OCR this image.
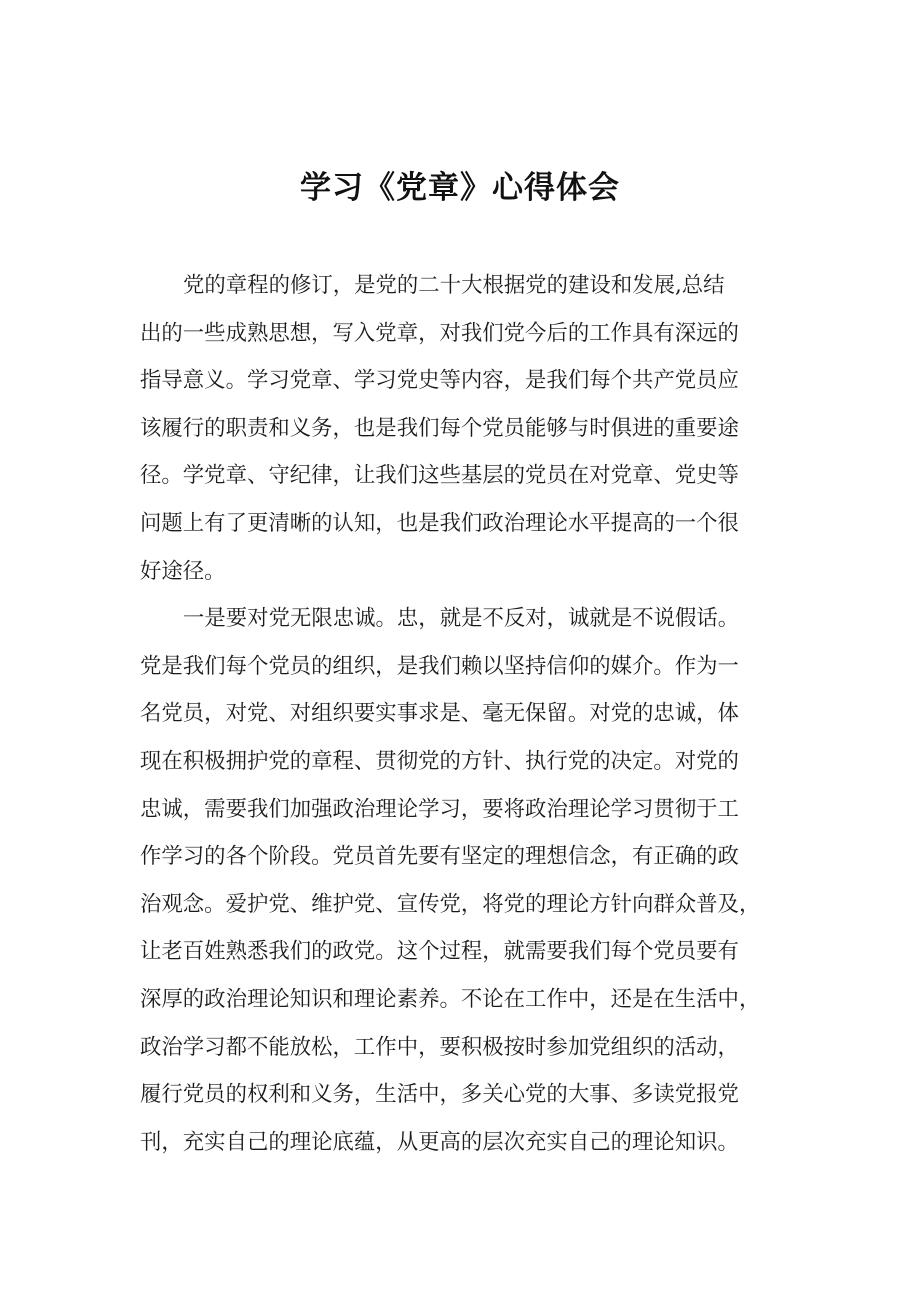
学习《党章》心得体会
党的章程的修订，是党的二十大根据党的建设和发展,总结
出的一些成熟思想，写入党章，对我们党今后的工作具有深远的
指导意义。学习党章、学习党史等内容，是我们每个共产党员应
该履行的职责和义务，也是我们每个党员能够与时俱进的重要途
径。学党章、守纪律，让我们这些基层的党员在对党章、党史等
问题上有了更清晰的认知，也是我们政治理论水平提高的一个很
好途径。
一是要对党无限忠诚。忠，就是不反对，诚就是不说假话。
党是我们每个党员的组织，是我们赖以坚持信仰的媒介。作为一
名党员，对党、对组织要实事求是、毫无保留。对党的忠诚，体
现在积极拥护党的章程、贯彻党的方针、执行党的决定。对党的
忠诚，需要我们加强政治理论学习，要将政治理论学习贯彻于工
作学习的各个阶段。党员首先要有坚定的理想信念，有正确的政
治观念。爱护党、维护党、宣传党，将党的理论方针向群众普及，
让老百姓熟悉我们的政党。这个过程，就需要我们每个党员要有
深厚的政治理论知识和理论素养。不论在工作中，还是在生活中，
政治学习都不能放松，工作中，要积极按时参加党组织的活动，
履行党员的权利和义务，生活中，多关心党的大事、多读党报党
刊，充实自己的理论底蕴，从更高的层次充实自己的理论知识。
